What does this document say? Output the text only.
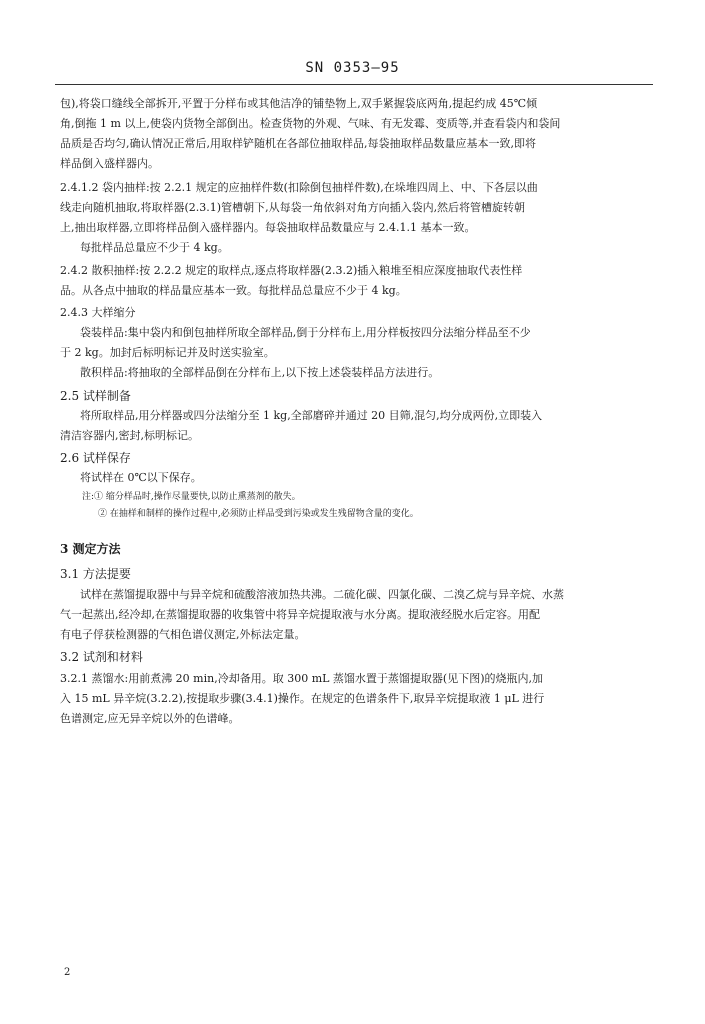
SN 0353—95
包),将袋口缝线全部拆开,平置于分样布或其他洁净的铺垫物上,双手紧握袋底两角,提起约成 45℃倾
角,倒拖 1 m 以上,使袋内货物全部倒出。检查货物的外观、气味、有无发霉、变质等,并查看袋内和袋间
品质是否均匀,确认情况正常后,用取样铲随机在各部位抽取样品,每袋抽取样品数量应基本一致,即将
样品倒入盛样器内。
2.4.1.2 袋内抽样:按 2.2.1 规定的应抽样件数(扣除倒包抽样件数),在垛堆四周上、中、下各层以曲
线走向随机抽取,将取样器(2.3.1)管槽朝下,从每袋一角依斜对角方向插入袋内,然后将管槽旋转朝
上,抽出取样器,立即将样品倒入盛样器内。每袋抽取样品数量应与 2.4.1.1 基本一致。
每批样品总量应不少于 4 kg。
2.4.2 散积抽样:按 2.2.2 规定的取样点,逐点将取样器(2.3.2)插入粮堆至相应深度抽取代表性样
品。从各点中抽取的样品量应基本一致。每批样品总量应不少于 4 kg。
2.4.3 大样缩分
袋装样品:集中袋内和倒包抽样所取全部样品,倒于分样布上,用分样板按四分法缩分样品至不少
于 2 kg。加封后标明标记并及时送实验室。
散积样品:将抽取的全部样品倒在分样布上,以下按上述袋装样品方法进行。
2.5 试样制备
将所取样品,用分样器或四分法缩分至 1 kg,全部磨碎并通过 20 目筛,混匀,均分成两份,立即装入
清洁容器内,密封,标明标记。
2.6 试样保存
将试样在 0℃以下保存。
注:① 缩分样品时,操作尽量要快,以防止熏蒸剂的散失。
② 在抽样和制样的操作过程中,必须防止样品受到污染或发生残留物含量的变化。
3 测定方法
3.1 方法提要
试样在蒸馏提取器中与异辛烷和硫酸溶液加热共沸。二硫化碳、四氯化碳、二溴乙烷与异辛烷、水蒸
气一起蒸出,经冷却,在蒸馏提取器的收集管中将异辛烷提取液与水分离。提取液经脱水后定容。用配
有电子俘获检测器的气相色谱仪测定,外标法定量。
3.2 试剂和材料
3.2.1 蒸馏水:用前煮沸 20 min,冷却备用。取 300 mL 蒸馏水置于蒸馏提取器(见下图)的烧瓶内,加
入 15 mL 异辛烷(3.2.2),按提取步骤(3.4.1)操作。在规定的色谱条件下,取异辛烷提取液 1 μL 进行
色谱测定,应无异辛烷以外的色谱峰。
2
